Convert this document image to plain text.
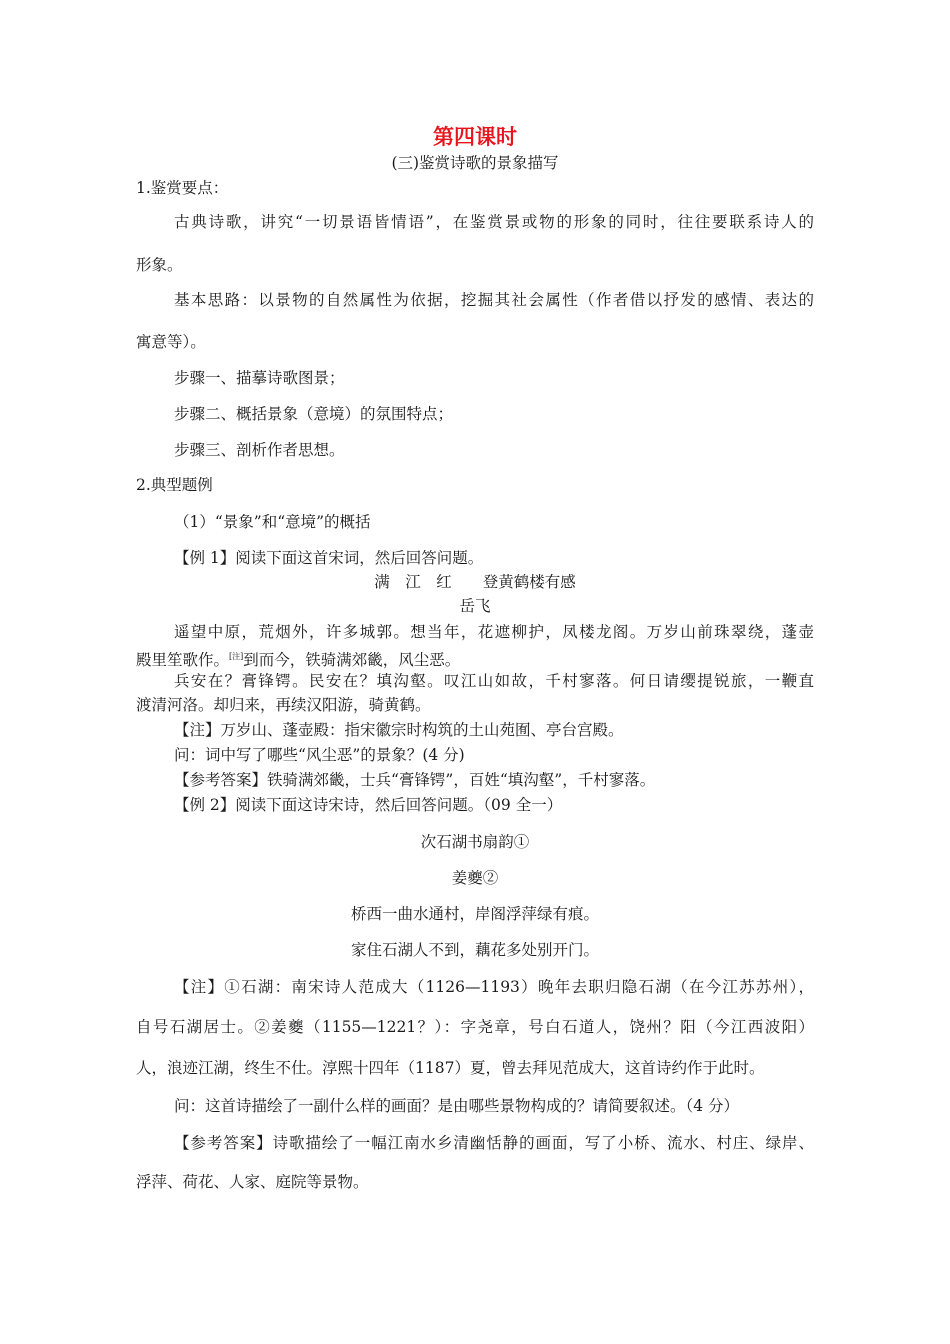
第四课时
(三)鉴赏诗歌的景象描写
1.鉴赏要点：
古典诗歌，讲究“一切景语皆情语”，在鉴赏景或物的形象的同时，往往要联系诗人的
形象。
基本思路：以景物的自然属性为依据，挖掘其社会属性（作者借以抒发的感情、表达的
寓意等）。
步骤一、描摹诗歌图景；
步骤二、概括景象（意境）的氛围特点；
步骤三、剖析作者思想。
2.典型题例
（1）“景象”和“意境”的概括
【例 1】阅读下面这首宋词，然后回答问题。
满　江　红　　登黄鹤楼有感
岳飞
遥望中原，荒烟外，许多城郭。想当年，花遮柳护，凤楼龙阁。万岁山前珠翠绕，蓬壶
殿里笙歌作。[注]到而今，铁骑满郊畿，风尘恶。
兵安在？膏锋锷。民安在？填沟壑。叹江山如故，千村寥落。何日请缨提锐旅，一鞭直
渡清河洛。却归来，再续汉阳游，骑黄鹤。
【注】万岁山、蓬壶殿：指宋徽宗时构筑的土山苑囿、亭台宫殿。
问：词中写了哪些“风尘恶”的景象？(4 分)
【参考答案】铁骑满郊畿，士兵“膏锋锷”，百姓“填沟壑”，千村寥落。
【例 2】阅读下面这诗宋诗，然后回答问题。（09 全一）
次石湖书扇韵①
姜夔②
桥西一曲水通村，岸阁浮萍绿有痕。
家住石湖人不到，藕花多处别开门。
【注】①石湖：南宋诗人范成大（1126—1193）晚年去职归隐石湖（在今江苏苏州），
自号石湖居士。②姜夔（1155—1221？）：字尧章，号白石道人，饶州？阳（今江西波阳）
人，浪迹江湖，终生不仕。淳熙十四年（1187）夏，曾去拜见范成大，这首诗约作于此时。
问：这首诗描绘了一副什么样的画面？是由哪些景物构成的？请简要叙述。（4 分）
【参考答案】诗歌描绘了一幅江南水乡清幽恬静的画面，写了小桥、流水、村庄、绿岸、
浮萍、荷花、人家、庭院等景物。
